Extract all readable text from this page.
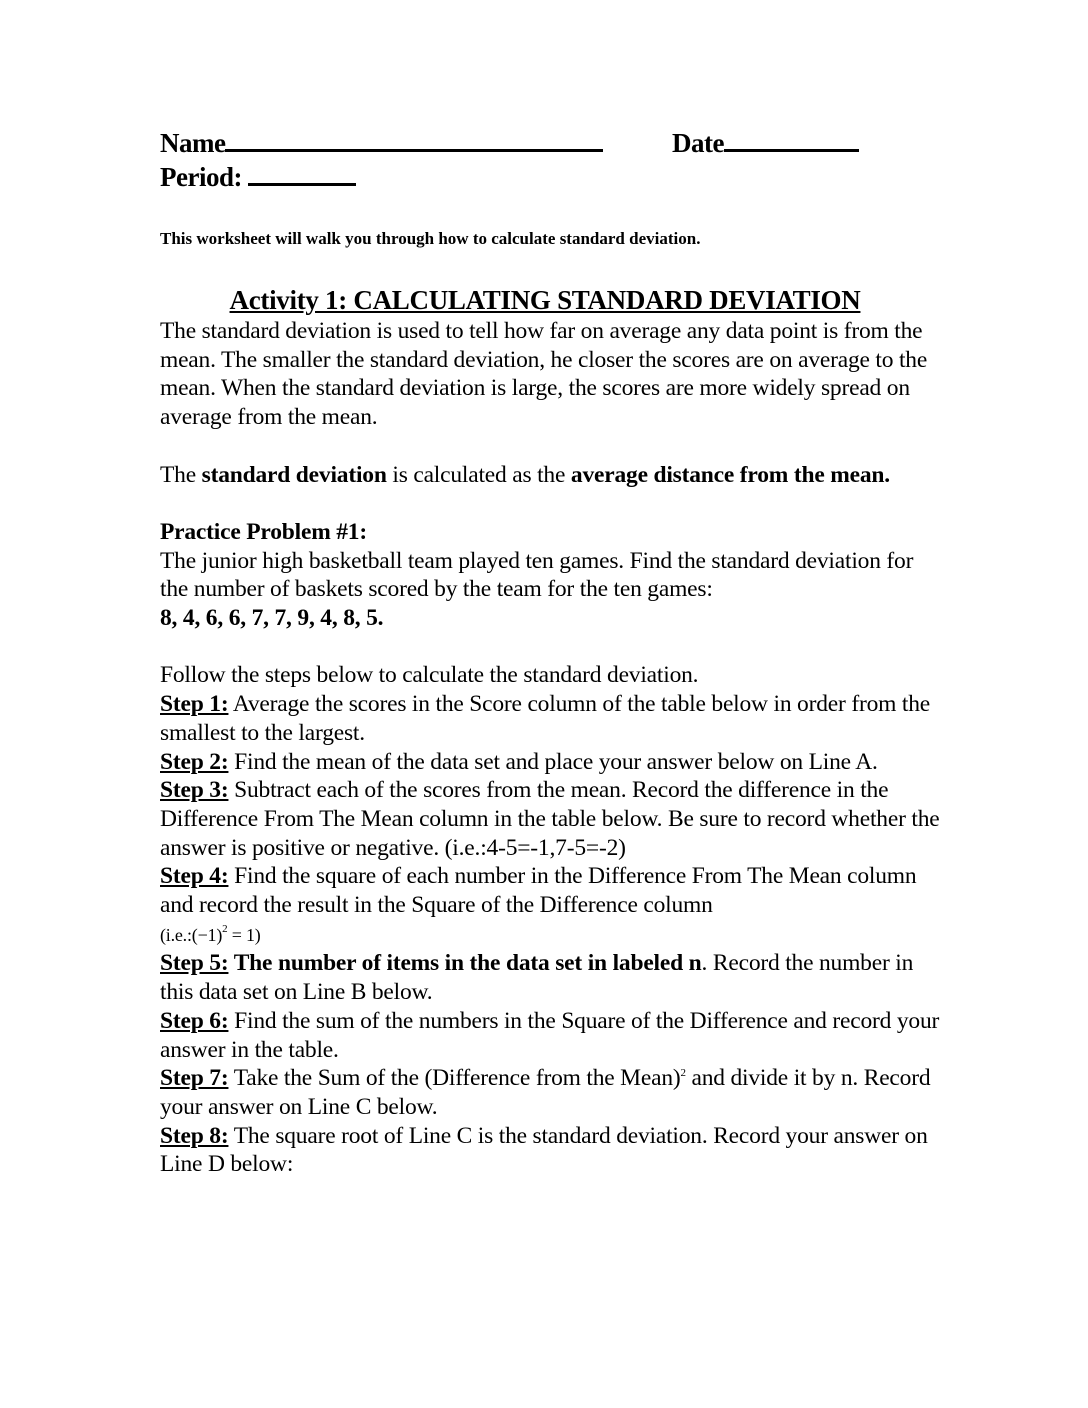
Name	Date
Period:
This worksheet will walk you through how to calculate standard deviation.
Activity 1: CALCULATING STANDARD DEVIATION

The standard deviation is used to tell how far on average any data point is from the mean. The smaller the standard deviation, he closer the scores are on average to the mean. When the standard deviation is large, the scores are more widely spread on average from the mean.

The standard deviation is calculated as the average distance from the mean.

Practice Problem #1:

The junior high basketball team played ten games. Find the standard deviation for the number of baskets scored by the team for the ten games:

8, 4, 6, 6, 7, 7, 9, 4, 8, 5.

Follow the steps below to calculate the standard deviation.

Step 1: Average the scores in the Score column of the table below in order from the smallest to the largest.

Step 2: Find the mean of the data set and place your answer below on Line A.

Step 3: Subtract each of the scores from the mean. Record the difference in the Difference From The Mean column in the table below. Be sure to record whether the answer is positive or negative. (i.e.:4-5=-1,7-5=-2)

Step 4: Find the square of each number in the Difference From The Mean column and record the result in the Square of the Difference column
$(i.e.:(-1)^2 = 1)$

Step 5: The number of items in the data set in labeled n. Record the number in this data set on Line B below.

Step 6: Find the sum of the numbers in the Square of the Difference and record your answer in the table.

Step 7: Take the Sum of the (Difference from the Mean)$^2$ and divide it by n. Record your answer on Line C below.

Step 8: The square root of Line C is the standard deviation. Record your answer on Line D below:
